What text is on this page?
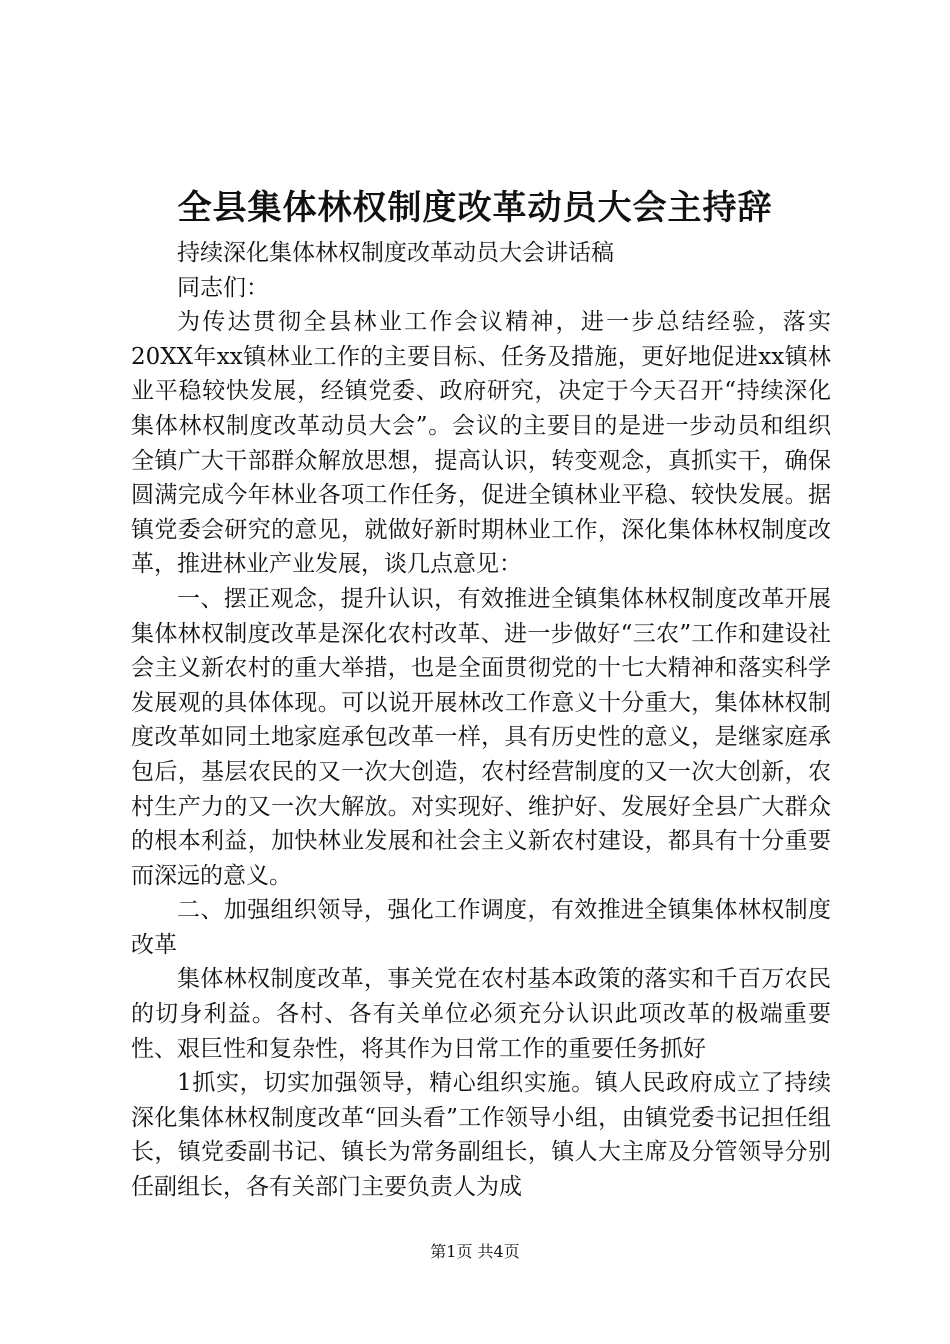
全县集体林权制度改革动员大会主持辞

持续深化集体林权制度改革动员大会讲话稿

同志们：

为传达贯彻全县林业工作会议精神，进一步总结经验，落实20XX年xx镇林业工作的主要目标、任务及措施，更好地促进xx镇林业平稳较快发展，经镇党委、政府研究，决定于今天召开“持续深化集体林权制度改革动员大会”。会议的主要目的是进一步动员和组织全镇广大干部群众解放思想，提高认识，转变观念，真抓实干，确保圆满完成今年林业各项工作任务，促进全镇林业平稳、较快发展。据镇党委会研究的意见，就做好新时期林业工作，深化集体林权制度改革，推进林业产业发展，谈几点意见：

一、摆正观念，提升认识，有效推进全镇集体林权制度改革开展集体林权制度改革是深化农村改革、进一步做好“三农”工作和建设社会主义新农村的重大举措，也是全面贯彻党的十七大精神和落实科学发展观的具体体现。可以说开展林改工作意义十分重大，集体林权制度改革如同土地家庭承包改革一样，具有历史性的意义，是继家庭承包后，基层农民的又一次大创造，农村经营制度的又一次大创新，农村生产力的又一次大解放。对实现好、维护好、发展好全县广大群众的根本利益，加快林业发展和社会主义新农村建设，都具有十分重要而深远的意义。

二、加强组织领导，强化工作调度，有效推进全镇集体林权制度改革

集体林权制度改革，事关党在农村基本政策的落实和千百万农民的切身利益。各村、各有关单位必须充分认识此项改革的极端重要性、艰巨性和复杂性，将其作为日常工作的重要任务抓好

1抓实，切实加强领导，精心组织实施。镇人民政府成立了持续深化集体林权制度改革“回头看”工作领导小组，由镇党委书记担任组长，镇党委副书记、镇长为常务副组长，镇人大主席及分管领导分别任副组长，各有关部门主要负责人为成

第1页 共4页
